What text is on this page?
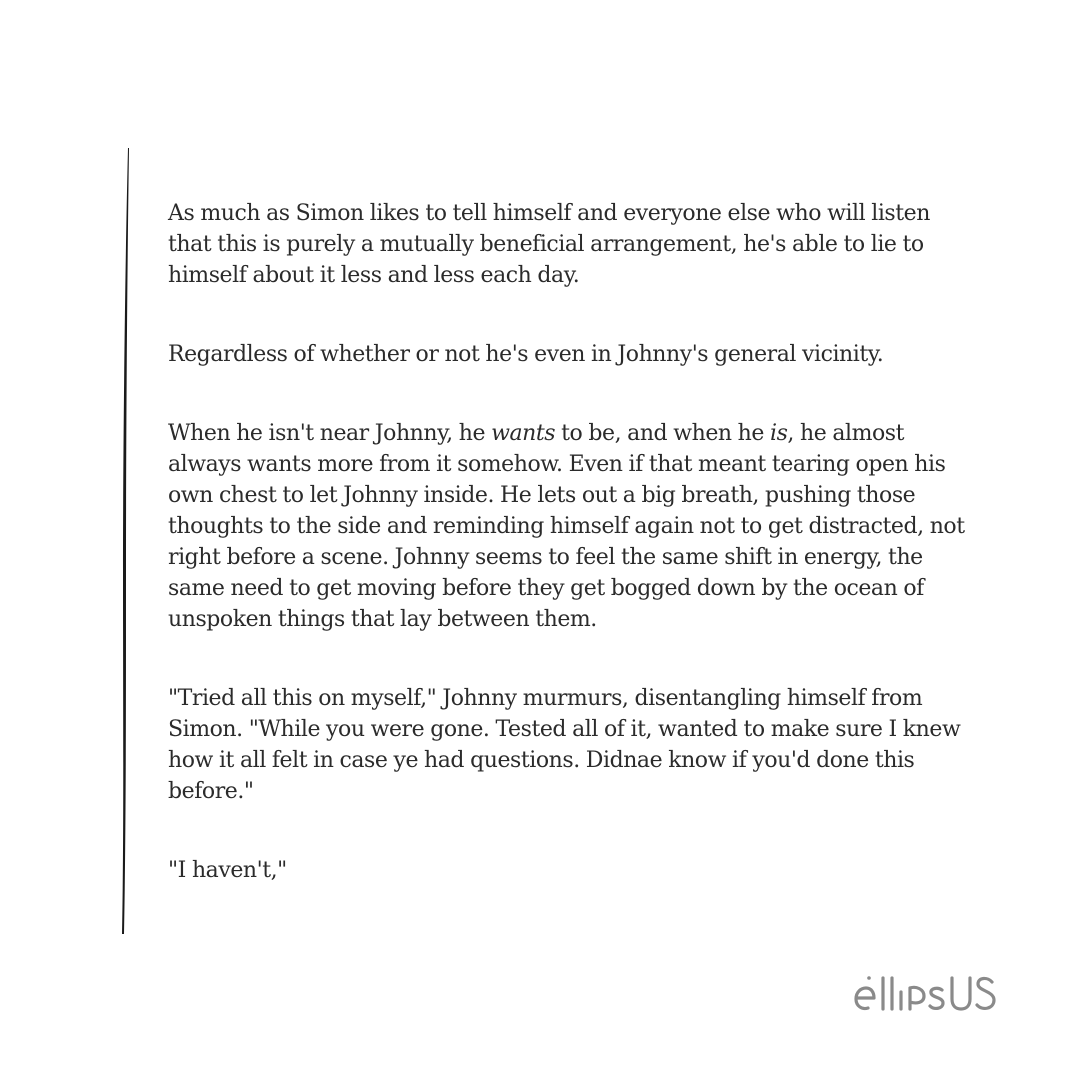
As much as Simon likes to tell himself and everyone else who will listen that this is purely a mutually beneficial arrangement, he's able to lie to himself about it less and less each day.

Regardless of whether or not he's even in Johnny's general vicinity.

When he isn't near Johnny, he wants to be, and when he is, he almost always wants more from it somehow. Even if that meant tearing open his own chest to let Johnny inside. He lets out a big breath, pushing those thoughts to the side and reminding himself again not to get distracted, not right before a scene. Johnny seems to feel the same shift in energy, the same need to get moving before they get bogged down by the ocean of unspoken things that lay between them.

"Tried all this on myself," Johnny murmurs, disentangling himself from Simon. "While you were gone. Tested all of it, wanted to make sure I knew how it all felt in case ye had questions. Didnae know if you'd done this before."

"I haven't,"
